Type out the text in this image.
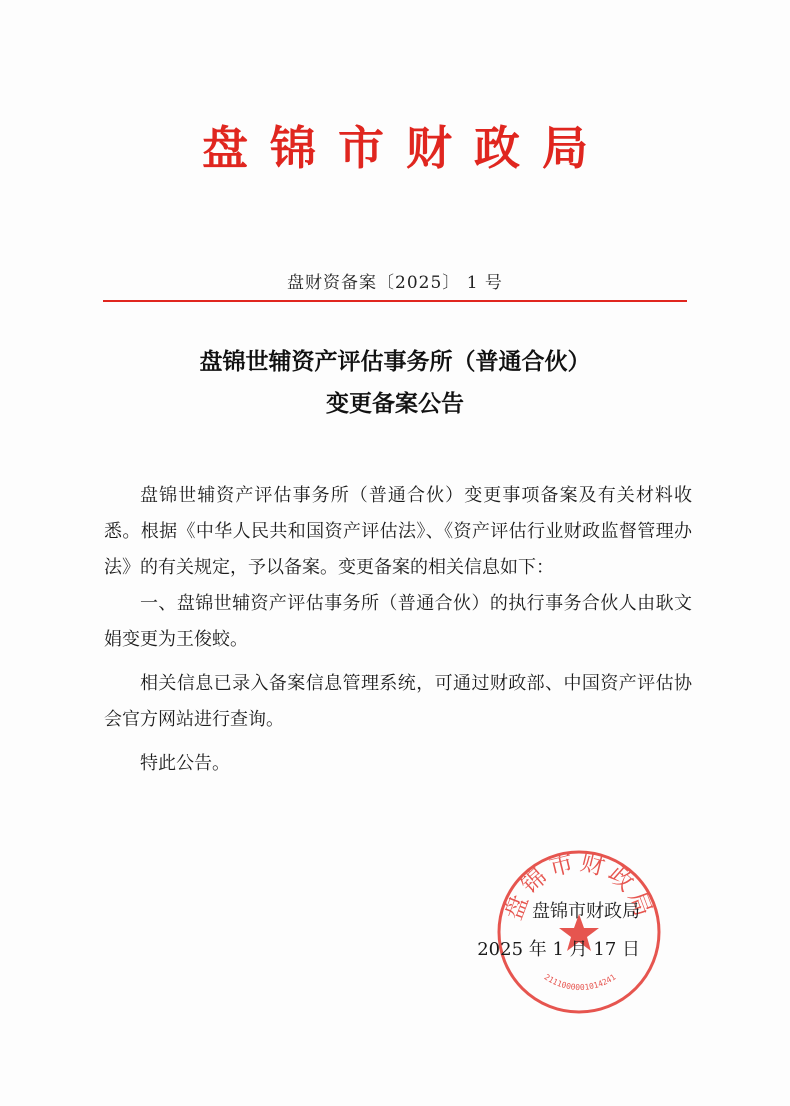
盘锦市财政局
盘财资备案〔2025〕 1 号
盘锦世辅资产评估事务所（普通合伙）
变更备案公告

盘锦世辅资产评估事务所（普通合伙）变更事项备案及有关材料收悉。根据《中华人民共和国资产评估法》、《资产评估行业财政监督管理办法》的有关规定，予以备案。变更备案的相关信息如下：

一、盘锦世辅资产评估事务所（普通合伙）的执行事务合伙人由耿文娟变更为王俊蛟。

相关信息已录入备案信息管理系统，可通过财政部、中国资产评估协会官方网站进行查询。

特此公告。

盘锦市财政局
2111000001014241
盘锦市财政局
2025 年 1 月 17 日
